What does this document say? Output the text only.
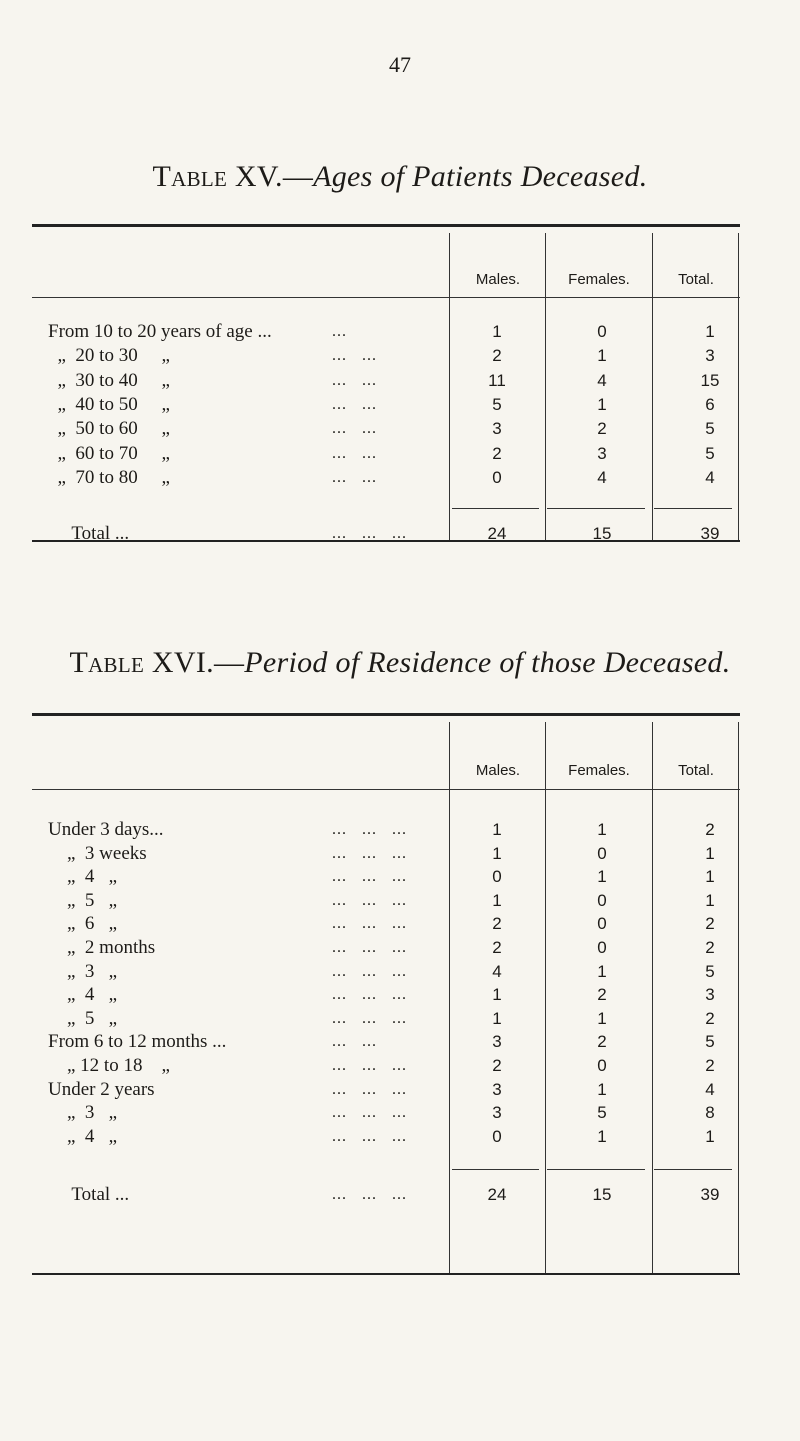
47
Table XV.—Ages of Patients Deceased.
Males.	Females.	Total.
From 10 to 20 years of age ...	...	1	0	1
„  20 to 30     „	...   ...	2	1	3
„  30 to 40     „	...   ...	11	4	15
„  40 to 50     „	...   ...	5	1	6
„  50 to 60     „	...   ...	3	2	5
„  60 to 70     „	...   ...	2	3	5
„  70 to 80     „	...   ...	0	4	4
Total ...	...   ...   ...	24	15	39
Table XVI.—Period of Residence of those Deceased.
Males.	Females.	Total.
Under 3 days...	...   ...   ...	1	1	2
„  3 weeks	...   ...   ...	1	0	1
„  4   „	...   ...   ...	0	1	1
„  5   „	...   ...   ...	1	0	1
„  6   „	...   ...   ...	2	0	2
„  2 months	...   ...   ...	2	0	2
„  3   „	...   ...   ...	4	1	5
„  4   „	...   ...   ...	1	2	3
„  5   „	...   ...   ...	1	1	2
From 6 to 12 months ...	...   ...	3	2	5
„ 12 to 18    „	...   ...   ...	2	0	2
Under 2 years	...   ...   ...	3	1	4
„  3   „	...   ...   ...	3	5	8
„  4   „	...   ...   ...	0	1	1
Total ...	...   ...   ...	24	15	39
